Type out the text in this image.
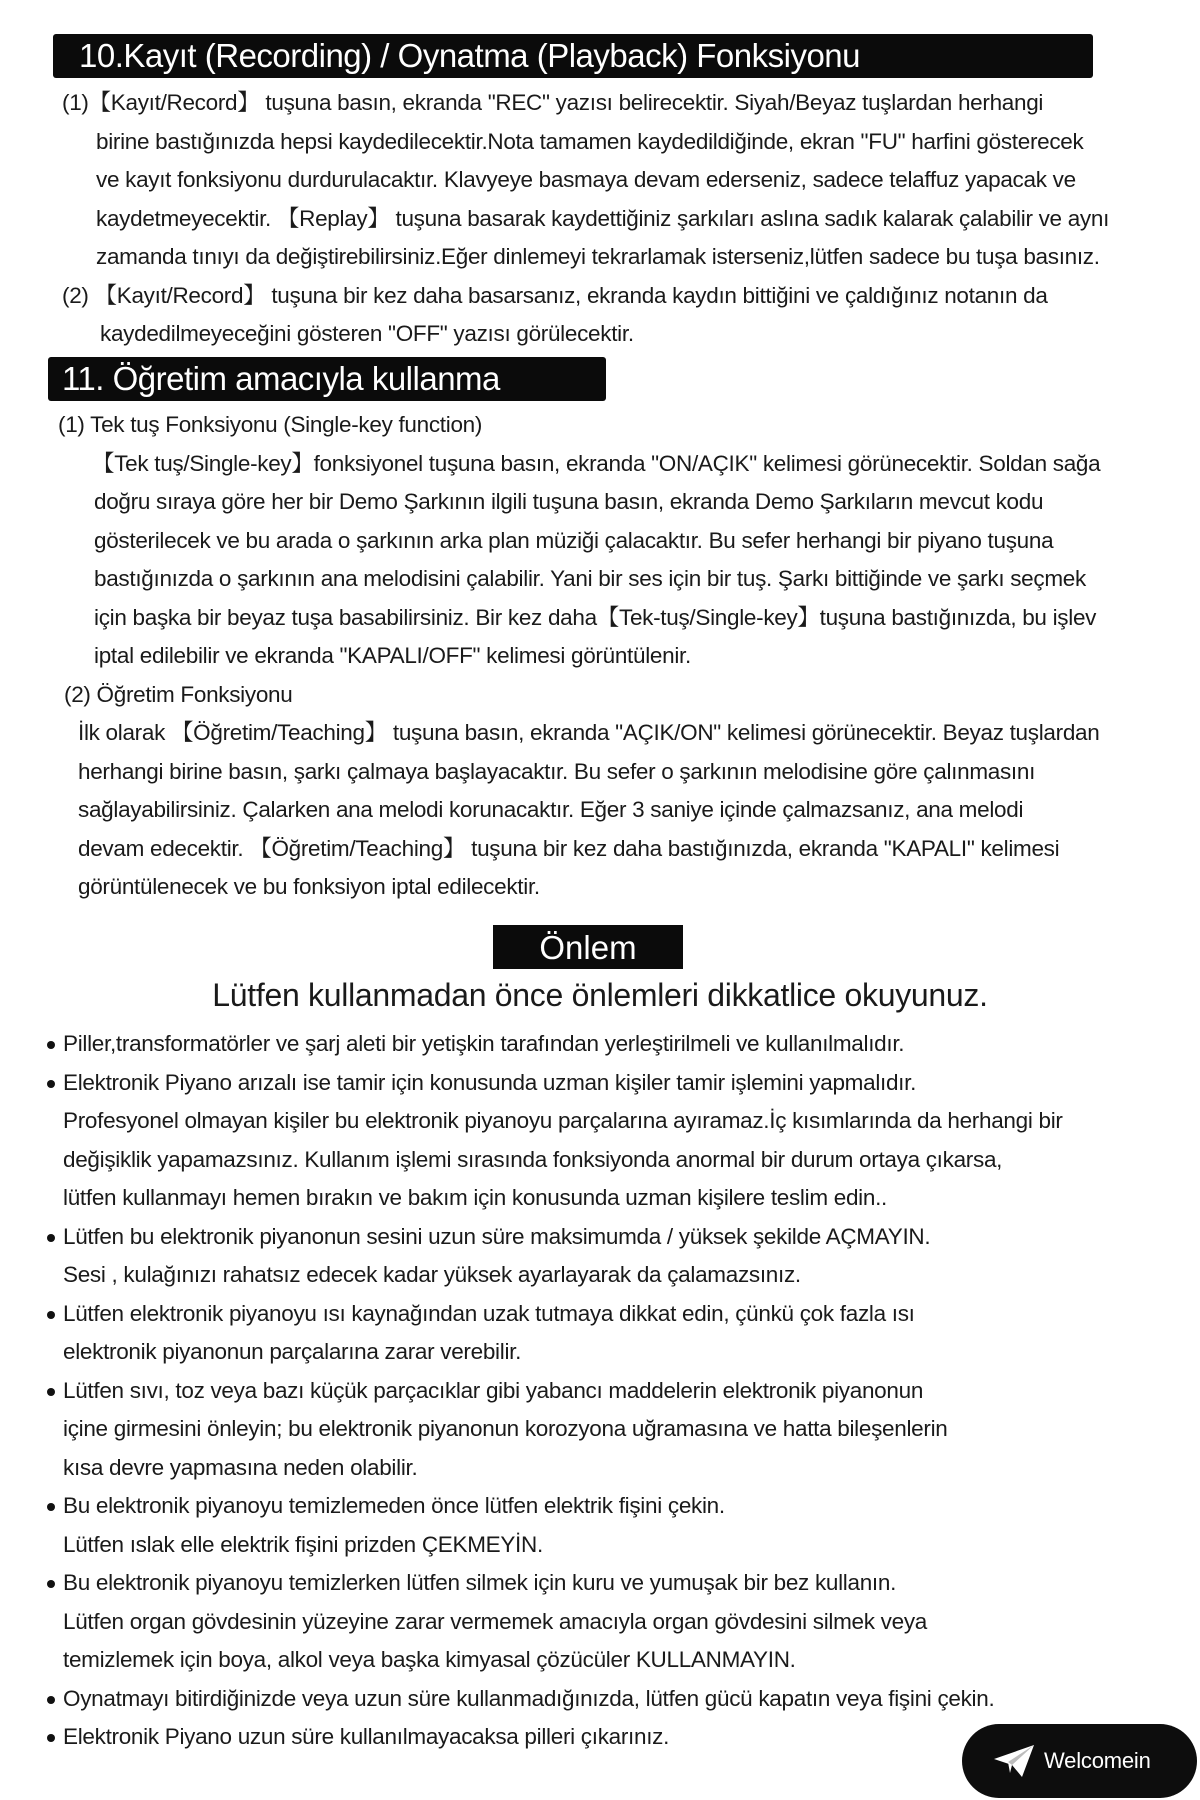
10.Kayıt (Recording) / Oynatma (Playback) Fonksiyonu

(1)【Kayıt/Record】 tuşuna basın, ekranda "REC" yazısı belirecektir. Siyah/Beyaz tuşlardan herhangi

birine bastığınızda hepsi kaydedilecektir.Nota tamamen kaydedildiğinde, ekran "FU" harfini gösterecek

ve kayıt fonksiyonu durdurulacaktır. Klavyeye basmaya devam ederseniz, sadece telaffuz yapacak ve

kaydetmeyecektir. 【Replay】 tuşuna basarak kaydettiğiniz şarkıları aslına sadık kalarak çalabilir ve aynı

zamanda tınıyı da değiştirebilirsiniz.Eğer dinlemeyi tekrarlamak isterseniz,lütfen sadece bu tuşa basınız.

(2) 【Kayıt/Record】 tuşuna bir kez daha basarsanız, ekranda kaydın bittiğini ve çaldığınız notanın da

kaydedilmeyeceğini gösteren "OFF" yazısı görülecektir.

11. Öğretim amacıyla kullanma

(1) Tek tuş Fonksiyonu (Single-key function)

【Tek tuş/Single-key】fonksiyonel tuşuna basın, ekranda "ON/AÇIK" kelimesi görünecektir. Soldan sağa

doğru sıraya göre her bir Demo Şarkının ilgili tuşuna basın, ekranda Demo Şarkıların mevcut kodu

gösterilecek ve bu arada o şarkının arka plan müziği çalacaktır. Bu sefer herhangi bir piyano tuşuna

bastığınızda o şarkının ana melodisini çalabilir. Yani bir ses için bir tuş. Şarkı bittiğinde ve şarkı seçmek

için başka bir beyaz tuşa basabilirsiniz. Bir kez daha【Tek-tuş/Single-key】tuşuna bastığınızda, bu işlev

iptal edilebilir ve ekranda "KAPALI/OFF" kelimesi görüntülenir.

(2) Öğretim Fonksiyonu

İlk olarak 【Öğretim/Teaching】 tuşuna basın, ekranda "AÇIK/ON" kelimesi görünecektir. Beyaz tuşlardan

herhangi birine basın, şarkı çalmaya başlayacaktır. Bu sefer o şarkının melodisine göre çalınmasını

sağlayabilirsiniz. Çalarken ana melodi korunacaktır. Eğer 3 saniye içinde çalmazsanız, ana melodi

devam edecektir. 【Öğretim/Teaching】 tuşuna bir kez daha bastığınızda, ekranda "KAPALI" kelimesi

görüntülenecek ve bu fonksiyon iptal edilecektir.

Önlem
Lütfen kullanmadan önce önlemleri dikkatlice okuyunuz.

Piller,transformatörler ve şarj aleti bir yetişkin tarafından yerleştirilmeli ve kullanılmalıdır.

Elektronik Piyano arızalı ise tamir için konusunda uzman kişiler tamir işlemini yapmalıdır.

Profesyonel olmayan kişiler bu elektronik piyanoyu parçalarına ayıramaz.İç kısımlarında da herhangi bir

değişiklik yapamazsınız. Kullanım işlemi sırasında fonksiyonda anormal bir durum ortaya çıkarsa,

lütfen kullanmayı hemen bırakın ve bakım için konusunda uzman kişilere teslim edin..

Lütfen bu elektronik piyanonun sesini uzun süre maksimumda / yüksek şekilde AÇMAYIN.

Sesi , kulağınızı rahatsız edecek kadar yüksek ayarlayarak da çalamazsınız.

Lütfen elektronik piyanoyu ısı kaynağından uzak tutmaya dikkat edin, çünkü çok fazla ısı

elektronik piyanonun parçalarına zarar verebilir.

Lütfen sıvı, toz veya bazı küçük parçacıklar gibi yabancı maddelerin elektronik piyanonun

içine girmesini önleyin; bu elektronik piyanonun korozyona uğramasına ve hatta bileşenlerin

kısa devre yapmasına neden olabilir.

Bu elektronik piyanoyu temizlemeden önce lütfen elektrik fişini çekin.

Lütfen ıslak elle elektrik fişini prizden ÇEKMEYİN.

Bu elektronik piyanoyu temizlerken lütfen silmek için kuru ve yumuşak bir bez kullanın.

Lütfen organ gövdesinin yüzeyine zarar vermemek amacıyla organ gövdesini silmek veya

temizlemek için boya, alkol veya başka kimyasal çözücüler KULLANMAYIN.

Oynatmayı bitirdiğinizde veya uzun süre kullanmadığınızda, lütfen gücü kapatın veya fişini çekin.

Elektronik Piyano uzun süre kullanılmayacaksa pilleri çıkarınız.

Welcomein
